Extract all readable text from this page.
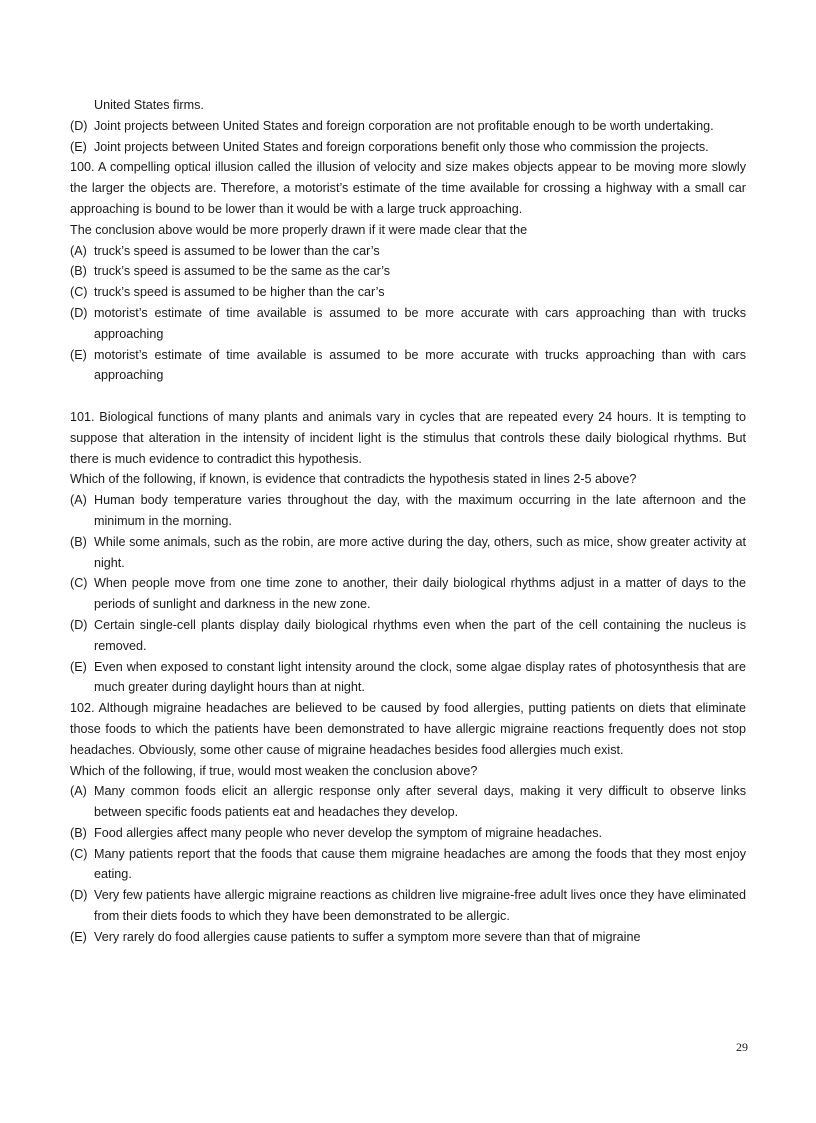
United States firms.

(D) Joint projects between United States and foreign corporation are not profitable enough to be worth undertaking.
(E) Joint projects between United States and foreign corporations benefit only those who commission the projects.

100. A compelling optical illusion called the illusion of velocity and size makes objects appear to be moving more slowly the larger the objects are. Therefore, a motorist’s estimate of the time available for crossing a highway with a small car approaching is bound to be lower than it would be with a large truck approaching.

The conclusion above would be more properly drawn if it were made clear that the

(A) truck’s speed is assumed to be lower than the car’s
(B) truck’s speed is assumed to be the same as the car’s
(C) truck’s speed is assumed to be higher than the car’s
(D) motorist’s estimate of time available is assumed to be more accurate with cars approaching than with trucks approaching
(E) motorist’s estimate of time available is assumed to be more accurate with trucks approaching than with cars approaching

101. Biological functions of many plants and animals vary in cycles that are repeated every 24 hours. It is tempting to suppose that alteration in the intensity of incident light is the stimulus that controls these daily biological rhythms. But there is much evidence to contradict this hypothesis.

Which of the following, if known, is evidence that contradicts the hypothesis stated in lines 2-5 above?

(A) Human body temperature varies throughout the day, with the maximum occurring in the late afternoon and the minimum in the morning.
(B) While some animals, such as the robin, are more active during the day, others, such as mice, show greater activity at night.
(C) When people move from one time zone to another, their daily biological rhythms adjust in a matter of days to the periods of sunlight and darkness in the new zone.
(D) Certain single-cell plants display daily biological rhythms even when the part of the cell containing the nucleus is removed.
(E) Even when exposed to constant light intensity around the clock, some algae display rates of photosynthesis that are much greater during daylight hours than at night.

102. Although migraine headaches are believed to be caused by food allergies, putting patients on diets that eliminate those foods to which the patients have been demonstrated to have allergic migraine reactions frequently does not stop headaches. Obviously, some other cause of migraine headaches besides food allergies much exist.

Which of the following, if true, would most weaken the conclusion above?

(A) Many common foods elicit an allergic response only after several days, making it very difficult to observe links between specific foods patients eat and headaches they develop.
(B) Food allergies affect many people who never develop the symptom of migraine headaches.
(C) Many patients report that the foods that cause them migraine headaches are among the foods that they most enjoy eating.
(D) Very few patients have allergic migraine reactions as children live migraine-free adult lives once they have eliminated from their diets foods to which they have been demonstrated to be allergic.
(E) Very rarely do food allergies cause patients to suffer a symptom more severe than that of migraine
29
